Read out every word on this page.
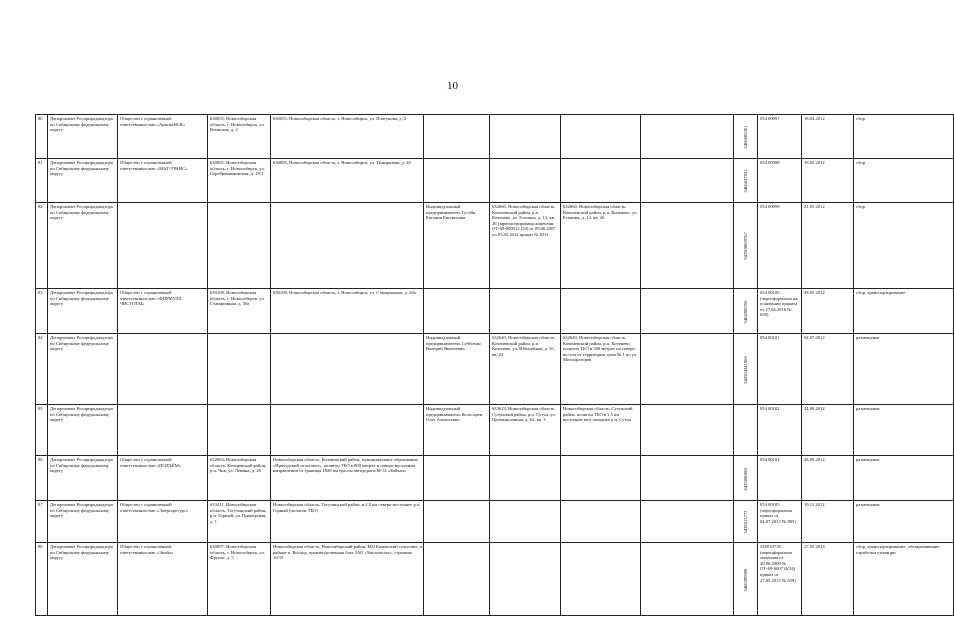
10
80	Департамент Росприроднадзора по Сибирскому федеральному округу	Общество с ограниченной ответственностью «АрктикНСК»	630055, Новосибирская область, г. Новосибирск, ул. Воинская, д. 2	630055, Новосибирская область, г. Новосибирск, ул. Платунова, д. 2					5406685301	054 00097	18.04.2012	сбор
81	Департамент Росприроднадзора по Сибирскому федеральному округу	Общество с ограниченной ответственностью «МАГ-ТРАНС»	630005, Новосибирская область, г. Новосибирск, ул. Серебренниковская, д. 19/1	630005, Новосибирская область, г. Новосибирск, ул. Тимирязева, д. 26					5406627831	054 00098	18.05.2012	сбор
82	Департамент Росприроднадзора по Сибирскому федеральному округу				Индивидуальный предприниматель Гусейн Евгения Евгеньевна	632660, Новосибирская область, Коченевский район, р.п. Коченево, ул. Есенина, д. 13, кв. 26 (зарегистрирована лицензия ОТ-69-000912 (54) от 09.06.2007 по 05.05.2012 приказ № 823)	632660, Новосибирская область, Коченевский район, р.п. Коченево, ул. Есенина, д. 13, кв. 26		542508069767	054 00099	21.05.2012	сбор
83	Департамент Росприроднадзора по Сибирскому федеральному округу	Общество с ограниченной ответственностью «ФОРМУЛА ЧИСТОТЫ»	630108, Новосибирская область, г. Новосибирск, ул. Станционная, д. 30а	630108, Новосибирская область, г. Новосибирск, ул. Станционная, д. 30а					5404288706	054 00100 (переоформлена на основании приказа от 27.04.2016 № 630)	28.05.2012	сбор, транспортирование
84	Департамент Росприроднадзора по Сибирскому федеральному округу				Индивидуальный предприниматель Субботин Валерий Яковлевич	632640, Новосибирская область, Коченевский район, р.п. Коченево, ул. Юбилейная, д. 5б, кв. 23	632640, Новосибирская область, Коченевский район, р.п. Коченево, полигон ТБО в 500 метрах на северо-восток от территории дома № 1 по ул. Мелиораторов		542504341966	054 00101	04.07.2012	размещение
85	Департамент Росприроднадзора по Сибирскому федеральному округу				Индивидуальный предприниматель Колосарев Олег Алексеевич	633623, Новосибирская область, Сузунский район, р.п. Сузун, ул. Промышленная, д. 62, кв. 3	Новосибирская область, Сузунский район, полигон ТБО в 1,5 км восточнее юго-западнее р.п. Сузун			054 00102	24.08.2012	размещение
86	Департамент Росприроднадзора по Сибирскому федеральному округу	Общество с ограниченной ответственностью «ПОДЪЁМ»	632663, Новосибирская область, Коченевский район, р.п. Чик, ул. Ленина, д. 26	Новосибирская область, Коченевский район, муниципальное образование «Прокудский сельсовет», полигон ТБО в 800 метрах в северо-восточном направлении от границы 1829 км трассы автодороги М-51 «Байкал»					5425000865	054 00104	28.09.2012	размещение
87	Департамент Росприроднадзора по Сибирскому федеральному округу	Общество с ограниченной ответственностью «Энергоресурс»	633411, Новосибирская область, Тогучинский район, р.п. Горный, ул. Пионерская, д. 1	Новосибирская область, Тогучинский район, в 2,5 км северо-восточнее р.п. Горный (полигон ТБО)					5438313772	054 00105 (переоформлена приказ от 04.07.2013 № 885)	19.11.2012	размещение
88	Департамент Росприроднадзора по Сибирскому федеральному округу	Общество с ограниченной ответственностью «Экойл»	630007, Новосибирская область, г. Новосибирск, ул. Фрунзе, д. 5	Новосибирская область, Новосибирский район, МО Каменский сельсовет, в районе п. Восход, производственная база ЗАО «Чистополье», строение 10/15					5406399098	5400107/П (переоформлена лицензия от 30.06.2009 № ОТ-69-000714(54) приказ от 27.05.2013 № 658)	27.05.2013	сбор, транспортирование, обезвреживание отработки утиляции
